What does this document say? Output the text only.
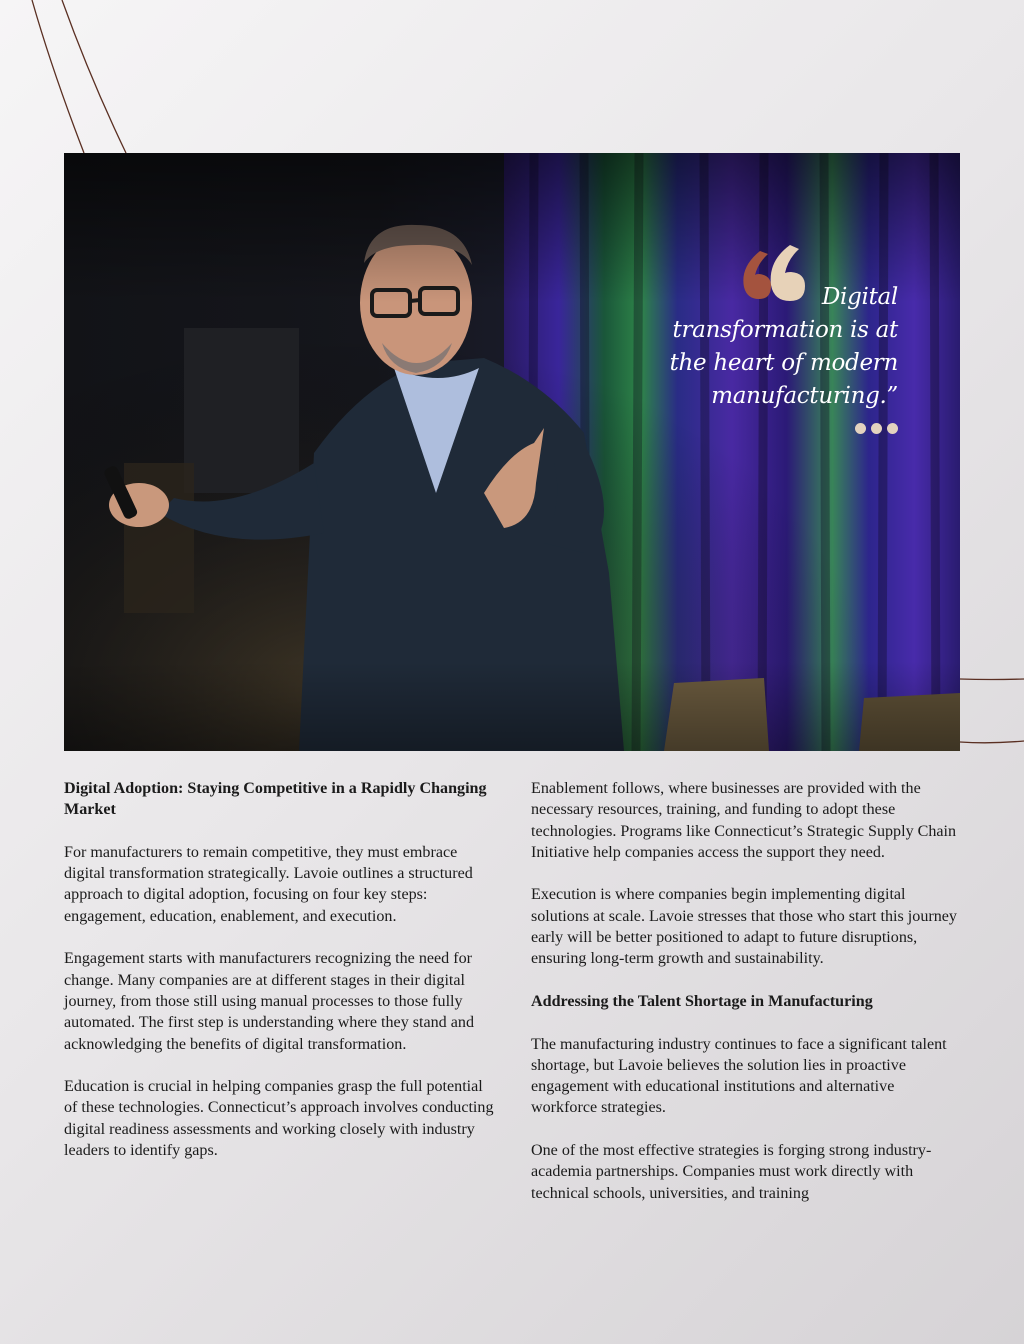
Digital transformation is at the heart of modern manufacturing.”
Digital Adoption: Staying Competitive in a Rapidly Changing Market

For manufacturers to remain competitive, they must embrace digital transformation strategically. Lavoie outlines a structured approach to digital adoption, focusing on four key steps: engagement, education, enablement, and execution.

Engagement starts with manufacturers recognizing the need for change. Many companies are at different stages in their digital journey, from those still using manual processes to those fully automated. The first step is understanding where they stand and acknowledging the benefits of digital transformation.

Education is crucial in helping companies grasp the full potential of these technologies. Connecticut’s approach involves conducting digital readiness assessments and working closely with industry leaders to identify gaps.

Enablement follows, where businesses are provided with the necessary resources, training, and funding to adopt these technologies. Programs like Connecticut’s Strategic Supply Chain Initiative help companies access the support they need.

Execution is where companies begin implementing digital solutions at scale. Lavoie stresses that those who start this journey early will be better positioned to adapt to future disruptions, ensuring long-term growth and sustainability.

Addressing the Talent Shortage in Manufacturing

The manufacturing industry continues to face a significant talent shortage, but Lavoie believes the solution lies in proactive engagement with educational institutions and alternative workforce strategies.

One of the most effective strategies is forging strong industry-academia partnerships. Companies must work directly with technical schools, universities, and training
